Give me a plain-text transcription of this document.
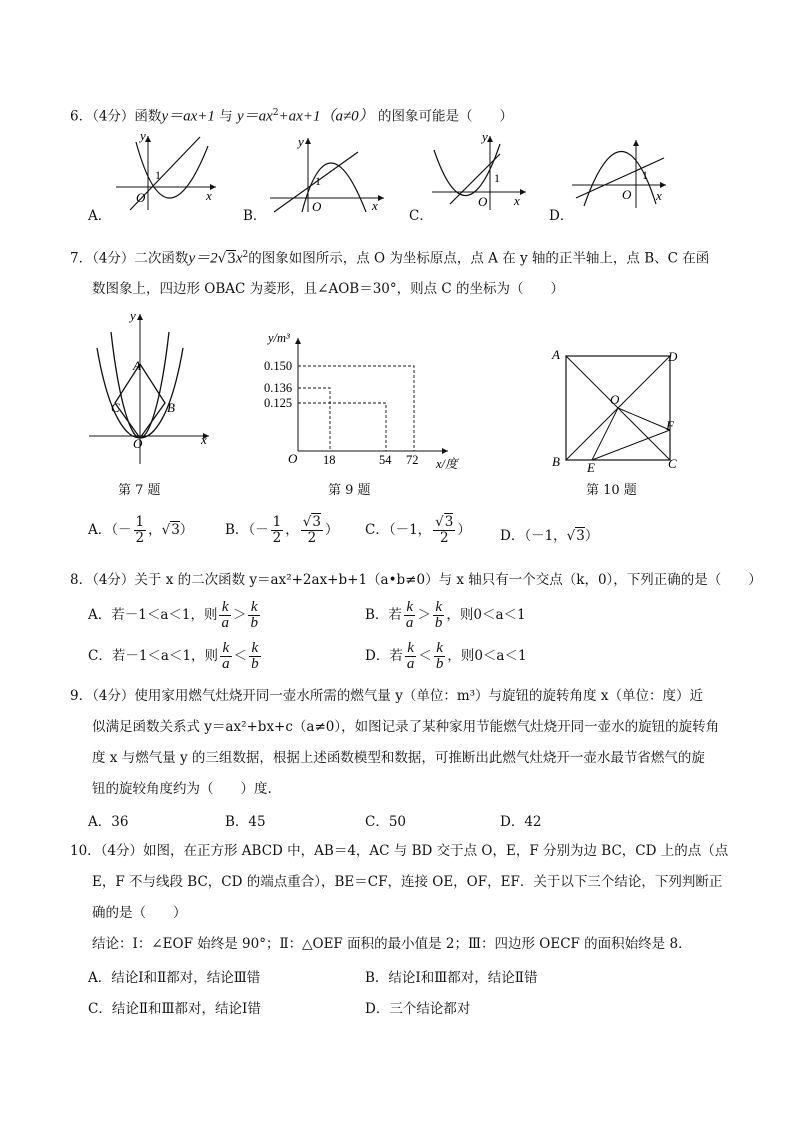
6．（4分）函数y＝ax+1 与 $y=ax^2+ax+1(a\ne 0)$ 的图象可能是（　　）
y
x
O
1
A．
y
x
O
1
B．
y
x
O
1
C．
O
1
x
D．
7．（4分）二次函数$y=2√3x^2$的图象如图所示，点 O 为坐标原点，点 A 在 y 轴的正半轴上，点 B、C 在函
数图象上，四边形 OBAC 为菱形，且∠AOB＝30°，则点 C 的坐标为（　　）
y
x
A
B
C
O
第 7 题
y/m³
0.150
0.136
0.125
O 18	54 72 x/度
第 9 题
A	D
B	C
O
E
F
第 10 题
A．（－ $\frac{1}{2}$ ，√3） B．（－ $\frac{1}{2}$ ， $\frac{√3}{2}$ ） C．（－1， $\frac{√3}{2}$ ） D．（－1，√3）
8．（4分）关于 x 的二次函数 y＝ax²+2ax+b+1（a•b≠0）与 x 轴只有一个交点（k，0），下列正确的是（　　）
A．若－1＜a＜1，则 $\frac{k}{a} > \frac{k}{b}$	B．若 $\frac{k}{a} > \frac{k}{b}$ ，则0＜a＜1
C．若－1＜a＜1，则 $\frac{k}{a} < \frac{k}{b}$	D．若 $\frac{k}{a} < \frac{k}{b}$ ，则0＜a＜1
9．（4分）使用家用燃气灶烧开同一壶水所需的燃气量 y（单位：m³）与旋钮的旋转角度 x（单位：度）近
似满足函数关系式 y＝ax²+bx+c（a≠0），如图记录了某种家用节能燃气灶烧开同一壶水的旋钮的旋转角
度 x 与燃气量 y 的三组数据，根据上述函数模型和数据，可推断出此燃气灶烧开一壶水最节省燃气的旋
钮的旋较角度约为（　　）度.
A．36	B．45	C．50	D．42
10．（4分）如图，在正方形 ABCD 中，AB＝4，AC 与 BD 交于点 O，E，F 分别为边 BC，CD 上的点（点
E，F 不与线段 BC，CD 的端点重合），BE＝CF，连接 OE，OF，EF．关于以下三个结论，下列判断正
确的是（　　）
结论：Ⅰ：∠EOF 始终是 90°；Ⅱ：△OEF 面积的最小值是 2；Ⅲ：四边形 OECF 的面积始终是 8．
A．结论Ⅰ和Ⅱ都对，结论Ⅲ错	B．结论Ⅰ和Ⅲ都对，结论Ⅱ错
C．结论Ⅱ和Ⅲ都对，结论Ⅰ错	D．三个结论都对
